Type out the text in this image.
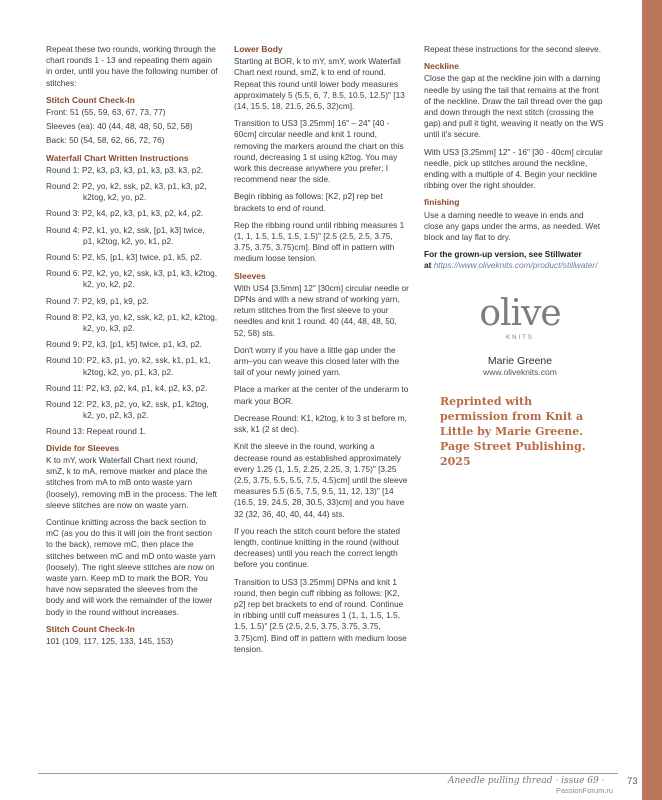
Repeat these two rounds, working through the chart rounds 1 - 13 and repeating them again in order, until you have the following number of stitches:

Stitch Count Check-In

Front: 51 (55, 59, 63, 67, 73, 77)

Sleeves (ea): 40 (44, 48, 48, 50, 52, 58)

Back: 50 (54, 58, 62, 66, 72, 76)

Waterfall Chart Written Instructions

Round 1: P2, k3, p3, k3, p1, k3, p3, k3, p2.

Round 2: P2, yo, k2, ssk, p2, k3, p1, k3, p2, k2tog, k2, yo, p2.

Round 3: P2, k4, p2, k3, p1, k3, p2, k4, p2.

Round 4: P2, k1, yo, k2, ssk, [p1, k3] twice, p1, k2tog, k2, yo, k1, p2.

Round 5: P2, k5, [p1, k3] twice, p1, k5, p2.

Round 6: P2, k2, yo, k2, ssk, k3, p1, k3, k2tog, k2, yo, k2, p2.

Round 7: P2, k9, p1, k9, p2.

Round 8: P2, k3, yo, k2, ssk, k2, p1, k2, k2tog, k2, yo, k3, p2.

Round 9: P2, k3, [p1, k5] twice, p1, k3, p2.

Round 10: P2, k3, p1, yo, k2, ssk, k1, p1, k1, k2tog, k2, yo, p1, k3, p2.

Round 11: P2, k3, p2, k4, p1, k4, p2, k3, p2.

Round 12: P2, k3, p2, yo, k2, ssk, p1, k2tog, k2, yo, p2, k3, p2.

Round 13: Repeat round 1.

Divide for Sleeves

K to mY, work Waterfall Chart next round, smZ, k to mA, remove marker and place the stitches from mA to mB onto waste yarn (loosely), removing mB in the process. The left sleeve stitches are now on waste yarn.

Continue knitting across the back section to mC (as you do this it will join the front section to the back), remove mC, then place the stitches between mC and mD onto waste yarn (loosely). The right sleeve stitches are now on waste yarn. Keep mD to mark the BOR. You have now separated the sleeves from the body and will work the remainder of the lower body in the round without increases.

Stitch Count Check-In

101 (109, 117, 125, 133, 145, 153)

Lower Body

Starting at BOR, k to mY, smY, work Waterfall Chart next round, smZ, k to end of round. Repeat this round until lower body measures approximately 5 (5.5, 6, 7, 8.5, 10.5, 12.5)" [13 (14, 15.5, 18, 21.5, 26.5, 32)cm].

Transition to US3 [3.25mm] 16" – 24" [40 - 60cm] circular needle and knit 1 round, removing the markers around the chart on this round, decreasing 1 st using k2tog. You may work this decrease anywhere you prefer; I recommend near the side.

Begin ribbing as follows: [K2, p2] rep bet brackets to end of round.

Rep the ribbing round until ribbing measures 1 (1, 1, 1.5, 1.5, 1.5, 1.5)" [2.5 (2.5, 2.5, 3.75, 3.75, 3.75, 3.75)cm]. Bind off in pattern with medium loose tension.

Sleeves

With US4 [3.5mm] 12" [30cm] circular needle or DPNs and with a new strand of working yarn, return stitches from the first sleeve to your needles and knit 1 round. 40 (44, 48, 48, 50, 52, 58) sts.

Don't worry if you have a little gap under the arm–you can weave this closed later with the tail of your newly joined yarn.

Place a marker at the center of the underarm to mark your BOR.

Decrease Round: K1, k2tog, k to 3 st before m, ssk, k1 (2 st dec).

Knit the sleeve in the round, working a decrease round as established approximately every 1.25 (1, 1.5, 2.25, 2.25, 3, 1.75)" [3.25 (2.5, 3.75, 5.5, 5.5, 7.5, 4.5)cm] until the sleeve measures 5.5 (6.5, 7.5, 9.5, 11, 12, 13)" [14 (16.5, 19, 24.5, 28, 30.5, 33)cm] and you have 32 (32, 36, 40, 40, 44, 44) sts.

If you reach the stitch count before the stated length, continue knitting in the round (without decreases) until you reach the correct length before you continue.

Transition to US3 [3.25mm] DPNs and knit 1 round, then begin cuff ribbing as follows: [K2, p2] rep bet brackets to end of round. Continue in ribbing until cuff measures 1 (1, 1, 1.5, 1.5, 1.5, 1.5)" [2.5 (2.5, 2.5, 3.75, 3.75, 3.75, 3.75)cm]. Bind off in pattern with medium loose tension.

Repeat these instructions for the second sleeve.

Neckline

Close the gap at the neckline join with a darning needle by using the tail that remains at the front of the neckline. Draw the tail thread over the gap and down through the next stitch (crossing the gap) and pull it tight, weaving it neatly on the WS until it's secure.

With US3 [3.25mm] 12" - 16" [30 - 40cm] circular needle, pick up stitches around the neckline, ending with a multiple of 4. Begin your neckline ribbing over the right shoulder.

finishing

Use a darning needle to weave in ends and close any gaps under the arms, as needed. Wet block and lay flat to dry.

For the grown-up version, see Stillwater
at https://www.oliveknits.com/product/stillwater/

olive
KNITS
Marie Greene
www.oliveknits.com
Reprinted with permission from Knit a Little by Marie Greene. Page Street Publishing. 2025
Aneedle pulling thread · issue 69 · 73
PassionForum.ru
